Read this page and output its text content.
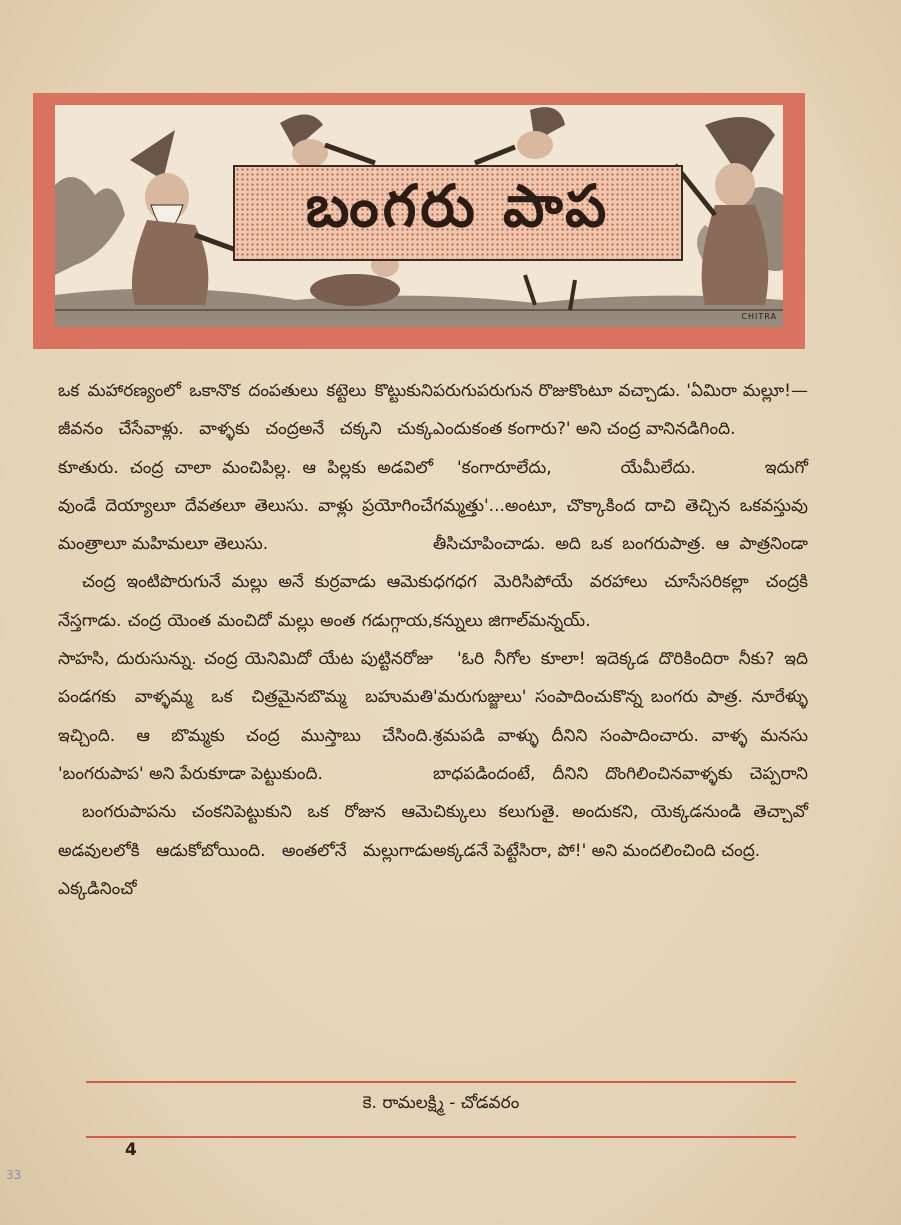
బంగరు పాప
CHITRA

ఒక మహారణ్యంలో ఒకానొక దంపతులు కట్టెలు కొట్టుకుని జీవనం చేసేవాళ్లు. వాళ్ళకు చంద్రఅనే చక్కని చుక్క కూతురు. చంద్ర చాలా మంచిపిల్ల. ఆ పిల్లకు అడవిలో వుండే దెయ్యాలూ దేవతలూ తెలుసు. వాళ్లు ప్రయోగించే మంత్రాలూ మహిమలూ తెలుసు.

చంద్ర ఇంటిపొరుగునే మల్లు అనే కుర్రవాడు ఆమెకు నేస్తగాడు. చంద్ర యెంత మంచిదో మల్లు అంత గడుగ్గాయ, సాహసి, దురుసున్ను. చంద్ర యెనిమిదో యేట పుట్టినరోజు పండగకు వాళ్ళమ్మ ఒక చిత్రమైనబొమ్మ బహుమతి ఇచ్చింది. ఆ బొమ్మకు చంద్ర ముస్తాబు చేసింది. 'బంగరుపాప' అని పేరుకూడా పెట్టుకుంది.

బంగరుపాపను చంకనిపెట్టుకుని ఒక రోజున ఆమె అడవులలోకి ఆడుకోబోయింది. అంతలోనే మల్లుగాడు ఎక్కడినించో

పరుగుపరుగున రొజుకొంటూ వచ్చాడు. 'ఏమిరా మల్లూ!—ఎందుకంత కంగారు?' అని చంద్ర వానినడిగింది.

'కంగారూలేదు, యేమీలేదు. ఇదుగో గమ్మత్తు'...అంటూ, చొక్కాకింద దాచి తెచ్చిన ఒకవస్తువు తీసిచూపించాడు. అది ఒక బంగరుపాత్ర. ఆ పాత్రనిండా ధగధగ మెరిసిపోయే వరహాలు చూసేసరికల్లా చంద్రకి కన్నులు జిగాల్‌మన్నయ్.

'ఓరి నీగోల కూలా! ఇదెక్కడ దొరికిందిరా నీకు? ఇది 'మరుగుజ్జులు' సంపాదించుకొన్న బంగరు పాత్ర. నూరేళ్ళు శ్రమపడి వాళ్ళు దీనిని సంపాదించారు. వాళ్ళ మనసు బాధపడిందంటే, దీనిని దొంగిలించినవాళ్ళకు చెప్పరాని చిక్కులు కలుగుతై. అందుకని, యెక్కడనుండి తెచ్చావో అక్కడనే పెట్టేసిరా, పో!' అని మందలించింది చంద్ర.

కె. రామలక్ష్మి - చోడవరం
4
33
